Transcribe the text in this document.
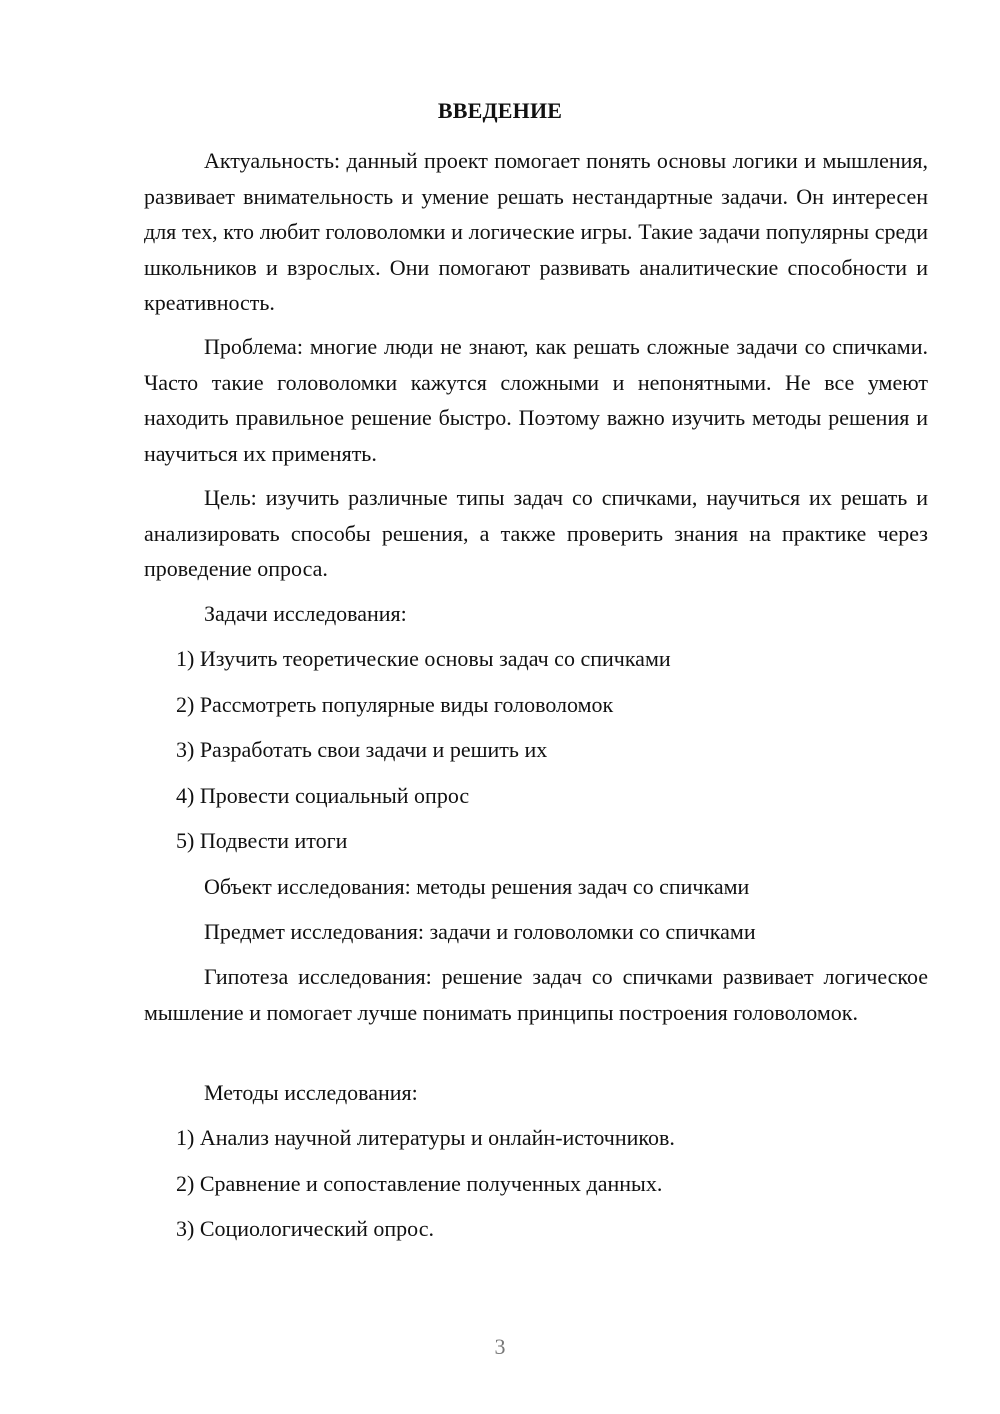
ВВЕДЕНИЕ

Актуальность: данный проект помогает понять основы логики и мышления, развивает внимательность и умение решать нестандартные задачи. Он интересен для тех, кто любит головоломки и логические игры. Такие задачи популярны среди школьников и взрослых. Они помогают развивать аналитические способности и креативность.

Проблема: многие люди не знают, как решать сложные задачи со спичками. Часто такие головоломки кажутся сложными и непонятными. Не все умеют находить правильное решение быстро. Поэтому важно изучить методы решения и научиться их применять.

Цель: изучить различные типы задач со спичками, научиться их решать и анализировать способы решения, а также проверить знания на практике через проведение опроса.

Задачи исследования:

1) Изучить теоретические основы задач со спичками

2) Рассмотреть популярные виды головоломок

3) Разработать свои задачи и решить их

4) Провести социальный опрос

5) Подвести итоги

Объект исследования: методы решения задач со спичками

Предмет исследования: задачи и головоломки со спичками

Гипотеза исследования: решение задач со спичками развивает логическое мышление и помогает лучше понимать принципы построения головоломок.

Методы исследования:

1) Анализ научной литературы и онлайн-источников.

2) Сравнение и сопоставление полученных данных.

3) Социологический опрос.

3
